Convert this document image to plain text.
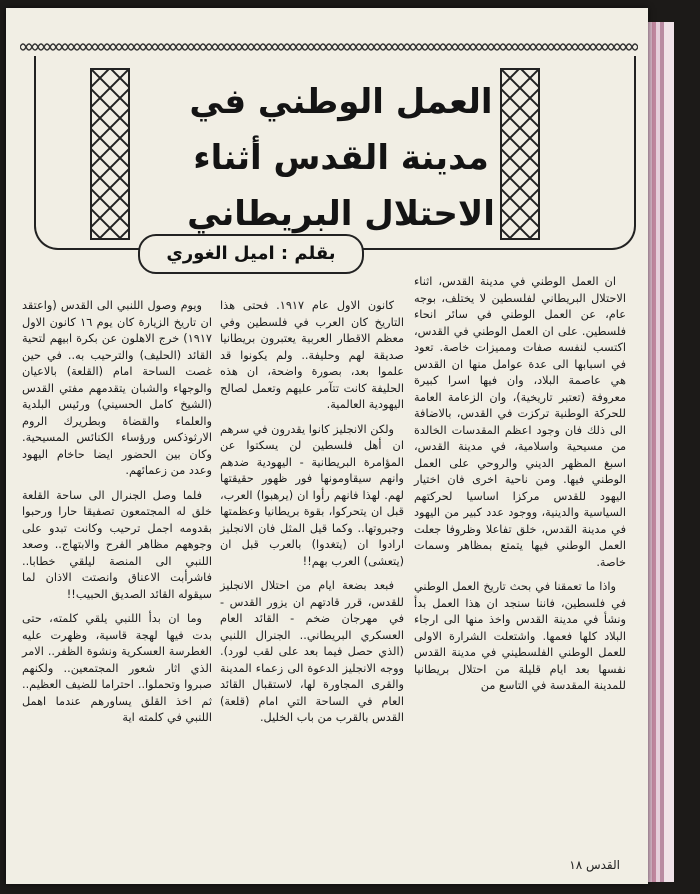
العمل الوطني في
مدينة القدس أثناء
الاحتلال البريطاني
بقلم : اميل الغوري

ان العمل الوطني في مدينة القدس، اثناء الاحتلال البريطاني لفلسطين لا يختلف، بوجه عام، عن العمل الوطني في سائر انحاء فلسطين. على ان العمل الوطني في القدس، اكتسب لنفسه صفات ومميزات خاصة. تعود في اسبابها الى عدة عوامل منها ان القدس هي عاصمة البلاد، وان فيها اسرا كبيرة معروفة (تعتبر تاريخية)، وان الزعامة العامة للحركة الوطنية تركزت في القدس، بالاضافة الى ذلك فان وجود اعظم المقدسات الخالدة من مسيحية واسلامية، في مدينة القدس، اسبغ المظهر الديني والروحي على العمل الوطني فيها. ومن ناحية اخرى فان اختيار اليهود للقدس مركزا اساسيا لحركتهم السياسية والدينية، ووجود عدد كبير من اليهود في مدينة القدس، خلق تفاعلا وظروفا جعلت العمل الوطني فيها يتمتع بمظاهر وسمات خاصة.

واذا ما تعمقنا في بحث تاريخ العمل الوطني في فلسطين، فاننا سنجد ان هذا العمل بدأ ونشأ في مدينة القدس واخذ منها الى ارجاء البلاد كلها فعمها. واشتعلت الشرارة الاولى للعمل الوطني الفلسطيني في مدينة القدس نفسها بعد ايام قليلة من احتلال بريطانيا للمدينة المقدسة في التاسع من

كانون الاول عام ١٩١٧. فحتى هذا التاريخ كان العرب في فلسطين وفي معظم الاقطار العربية يعتبرون بريطانيا صديقة لهم وحليفة.. ولم يكونوا قد علموا بعد، بصورة واضحة، ان هذه الحليفة كانت تتآمر عليهم وتعمل لصالح اليهودية العالمية.

ولكن الانجليز كانوا يقدرون في سرهم ان أهل فلسطين لن يسكتوا عن المؤامرة البريطانية - اليهودية ضدهم وانهم سيقاومونها فور ظهور حقيقتها لهم. لهذا فانهم رأوا ان (يرهبوا) العرب، قبل ان يتحركوا، بقوة بريطانيا وعظمتها وجبروتها.. وكما قيل المثل فان الانجليز ارادوا ان (يتغدوا) بالعرب قبل ان (يتعشى) العرب بهم!!

فبعد بضعة ايام من احتلال الانجليز للقدس، قرر قادتهم ان يزور القدس - في مهرجان ضخم - القائد العام العسكري البريطاني.. الجنرال اللنبي (الذي حصل فيما بعد على لقب لورد). ووجه الانجليز الدعوة الى زعماء المدينة والقرى المجاورة لها، لاستقبال القائد العام في الساحة التي امام (قلعة) القدس بالقرب من باب الخليل.

ويوم وصول اللنبي الى القدس (واعتقد ان تاريخ الزيارة كان يوم ١٦ كانون الاول ١٩١٧) خرج الاهلون عن بكرة ابيهم لتحية القائد (الحليف) والترحيب به.. في حين غصت الساحة امام (القلعة) بالاعيان والوجهاء والشبان يتقدمهم مفتي القدس (الشيخ كامل الحسيني) ورئيس البلدية والعلماء والقضاة وبطريرك الروم الارثوذكس ورؤساء الكنائس المسيحية. وكان بين الحضور ايضا حاخام اليهود وعدد من زعمائهم.

فلما وصل الجنرال الى ساحة القلعة خلق له المجتمعون تصفيقا حارا ورحبوا بقدومه اجمل ترحيب وكانت تبدو على وجوههم مظاهر الفرح والابتهاج.. وصعد اللنبي الى المنصة ليلقي خطابا.. فاشرأبت الاعناق وانصتت الاذان لما سيقوله القائد الصديق الحبيب!!

وما ان بدأ اللنبي يلقي كلمته، حتى بدت فيها لهجة قاسية، وظهرت عليه الغطرسة العسكرية ونشوة الظفر.. الامر الذي اثار شعور المجتمعين.. ولكنهم صبروا وتحملوا.. احتراما للضيف العظيم.. ثم اخذ القلق يساورهم عندما اهمل اللنبي في كلمته اية

القدس ١٨
